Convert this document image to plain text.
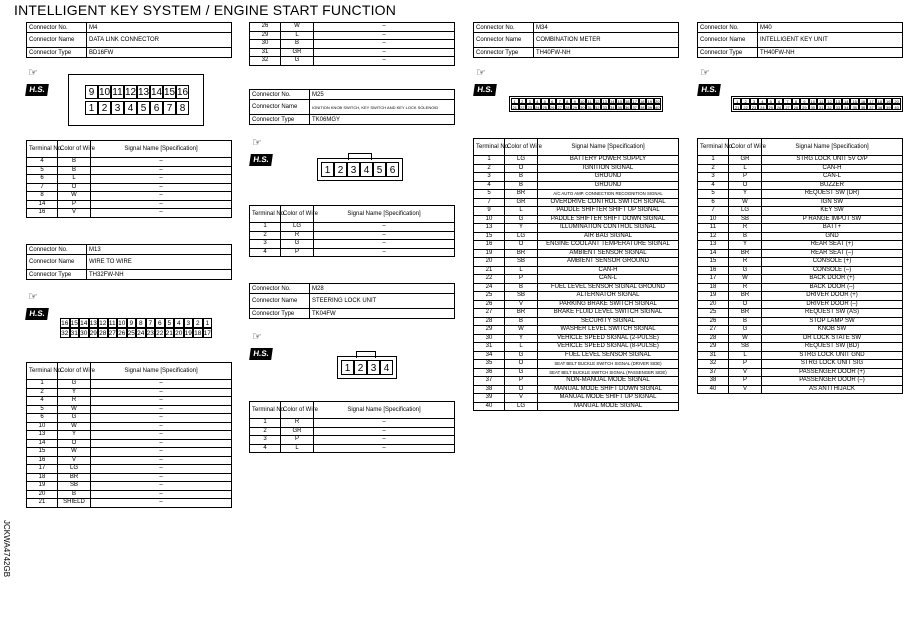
INTELLIGENT KEY SYSTEM / ENGINE START FUNCTION
JCKWA4742GB
Connector No.	M4
Connector Name	DATA LINK CONNECTOR
Connector Type	BD16FW
☞
H.S.	9 10 11 12 13 14 15 16
1 2 3 4 5 6 7 8
Terminal No.	Color of Wire	Signal Name [Specification]
4	B	–
5	B	–
6	L	–
7	O	–
8	W	–
14	P	–
16	V	–
Connector No.	M13
Connector Name	WIRE TO WIRE
Connector Type	TH32FW-NH
☞
H.S.
16 15 14 13 12 11 10 9 8 7 6 5 4 3 2 1
32 31 30 29 28 27 26 25 24 23 22 21 20 19 18 17
Terminal No.	Color of Wire	Signal Name [Specification]
1	G	–
2	Y	–
4	R	–
5	W	–
6	G	–
10	W	–
13	Y	–
14	O	–
15	W	–
16	V	–
17	LG	–
18	BR	–
19	SB	–
20	B	–
21	SHIELD	–
26	W	–
29	L	–
30	B	–
31	GR	–
32	G	–
Connector No.	M25
Connector Name	IGNITION KNOB SWITCH, KEY SWITCH AND KEY LOCK SOLENOID
Connector Type	TK06MGY
☞
H.S.
1 2 3 4 5 6
Terminal No.	Color of Wire	Signal Name [Specification]
1	LG	–
2	R	–
3	G	–
4	P	–
Connector No.	M28
Connector Name	STEERING LOCK UNIT
Connector Type	TK04FW
☞
H.S.
1 2 3 4
Terminal No.	Color of Wire	Signal Name [Specification]
1	R	–
2	GR	–
3	P	–
4	L	–
Connector No.	M34
Connector Name	COMBINATION METER
Connector Type	TH40FW-NH
☞
H.S.
1	2	3	4	5	6	7	8	9	10 11 12 13 14 15 16 17 18 19 20
21 22 23 24 25 26 27 28 29 30 31 32 33 34 35 36 37 38 39 40
Terminal No.	Color of Wire	Signal Name [Specification]
1	LG	BATTERY POWER SUPPLY
2	O	IGNITION SIGNAL
3	B	GROUND
4	B	GROUND
5	BR	A/C AUTO AMP. CONNECTION RECOGNITION SIGNAL
7	GR	OVERDRIVE CONTROL SWITCH SIGNAL
9	L	PADDLE SHIFTER SHIFT UP SIGNAL
10	G	PADDLE SHIFTER SHIFT DOWN SIGNAL
13	Y	ILLUMINATION CONTROL SIGNAL
15	LG	AIR BAG SIGNAL
16	O	ENGINE COOLANT TEMPERATURE SIGNAL
19	BR	AMBIENT SENSOR SIGNAL
20	SB	AMBIENT SENSOR GROUND
21	L	CAN-H
22	P	CAN-L
24	B	FUEL LEVEL SENSOR SIGNAL GROUND
25	SB	ALTERNATOR SIGNAL
26	V	PARKING BRAKE SWITCH SIGNAL
27	BR	BRAKE FLUID LEVEL SWITCH SIGNAL
28	B	SECURITY SIGNAL
29	W	WASHER LEVEL SWITCH SIGNAL
30	Y	VEHICLE SPEED SIGNAL (2-PULSE)
31	L	VEHICLE SPEED SIGNAL (8-PULSE)
34	G	FUEL LEVEL SENSOR SIGNAL
35	O	SEAT BELT BUCKLE SWITCH SIGNAL (DRIVER SIDE)
36	G	SEAT BELT BUCKLE SWITCH SIGNAL (PASSENGER SIDE)
37	P	NON-MANUAL MODE SIGNAL
38	O	MANUAL MODE SHIFT DOWN SIGNAL
39	V	MANUAL MODE SHIFT UP SIGNAL
40	LG	MANUAL MODE SIGNAL
Connector No.	M40
Connector Name	INTELLIGENT KEY UNIT
Connector Type	TH40FW-NH
☞
H.S.
1	2	3	4	5	6	7	8	9	10	11	12 13 14 15 16 17 18 19 20
21 22 23 24 25 26 27 28 29 30 31 32 33 34 35 36 37 38 39 40
Terminal No.	Color of Wire	Signal Name [Specification]
1	GR	STRG LOCK UNIT 5V O/P
2	L	CAN-H
3	P	CAN-L
4	O	BUZZER
5	Y	REQUEST SW (DR)
6	W	IGN SW
7	LG	KEY SW
10	SB	P RANGE IMPUT SW
11	R	BATT+
12	B	GND
13	Y	REAR SEAT (+)
14	BR	REAR SEAT (–)
15	R	CONSOLE (+)
16	G	CONSOLE (–)
17	W	BACK DOOR (+)
18	R	BACK DOOR (–)
19	BR	DRIVER DOOR (+)
20	O	DRIVER DOOR (–)
25	BR	REQUEST SW (AS)
26	B	STOP LAMP SW
27	G	KNOB SW
28	W	DR LOCK STATE SW
29	SB	REQUEST SW (BD)
31	L	STRG LOCK UNIT GND
32	P	STRG LOCK UNIT SIG
37	V	PASSENGER DOOR (+)
38	P	PASSENGER DOOR (–)
40	V	AS ANTI HIJACK
